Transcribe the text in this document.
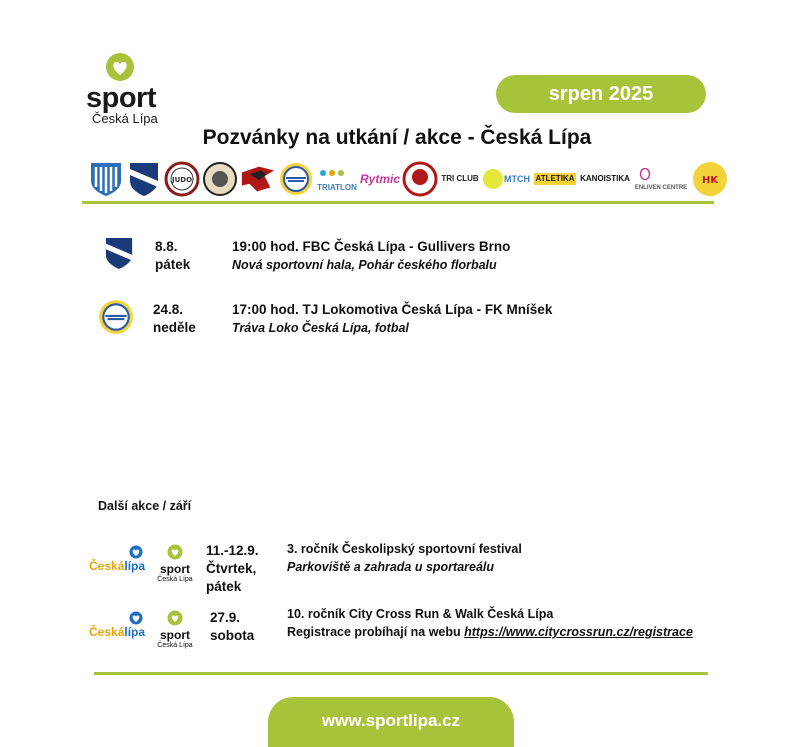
sport
Česká Lípa
srpen 2025
Pozvánky na utkání / akce - Česká Lípa
JUDO
TRIATLON
Rytmic	TRI CLUB	MTCH ATLETIKA KANOISTIKA
ENLIVEN CENTRE
HK
8.8.
pátek
19:00 hod. FBC Česká Lípa - Gullivers Brno
Nová sportovní hala, Pohár českého florbalu
24.8.
neděle
17:00 hod. TJ Lokomotiva Česká Lípa - FK Mníšek
Tráva Loko Česká Lípa, fotbal
Další akce / září
Českálípa sport
Česká Lípa
11.-12.9.
Čtvrtek,
pátek
3. ročník Českolipský sportovní festival
Parkoviště a zahrada u sportareálu
Českálípa sport
Česká Lípa
27.9.
sobota
10. ročník City Cross Run & Walk Česká Lípa
Registrace probíhají na webu https://www.citycrossrun.cz/registrace
www.sportlipa.cz
